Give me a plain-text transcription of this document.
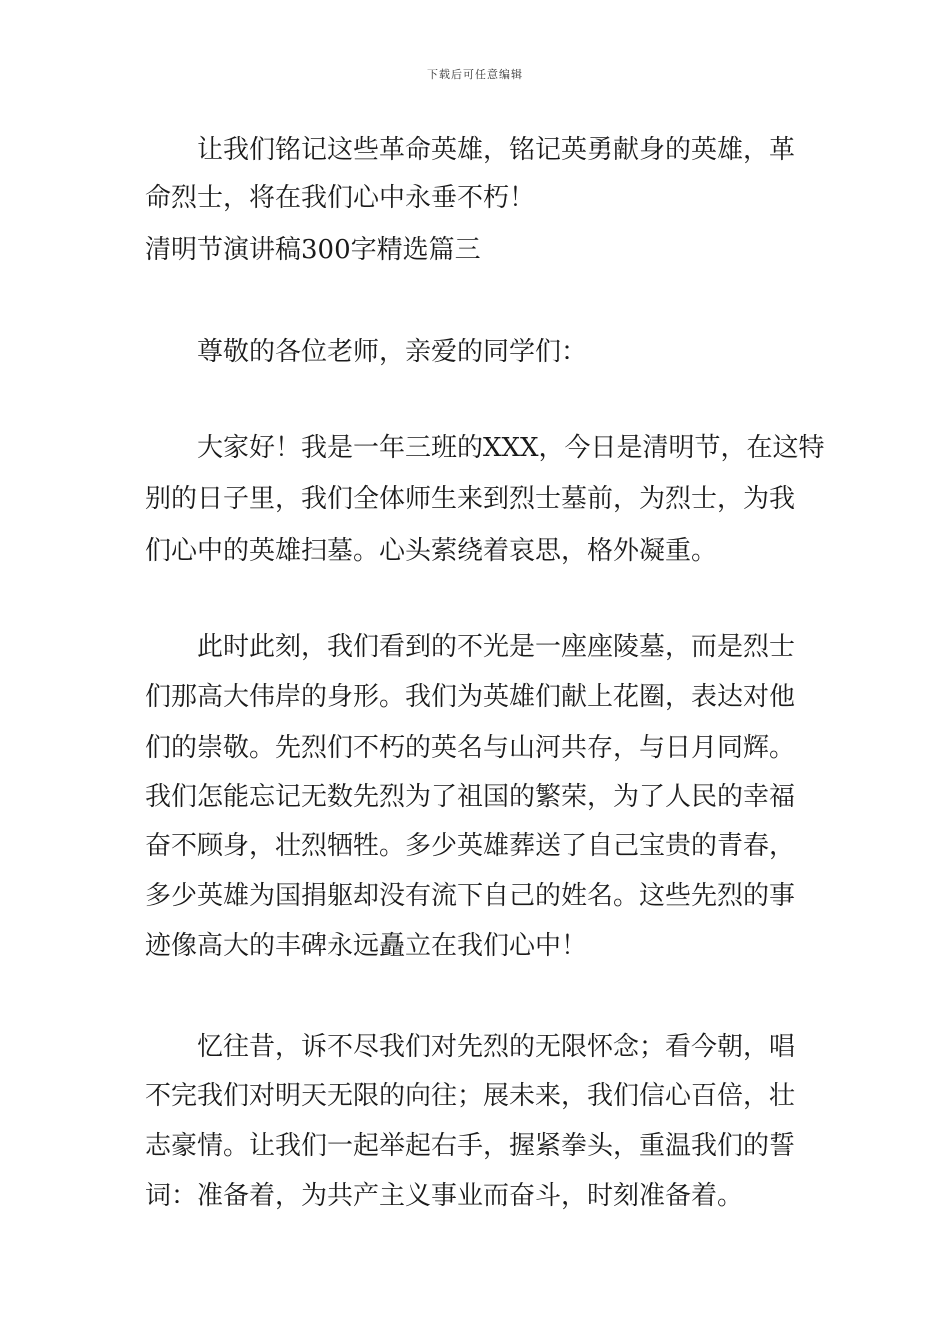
下载后可任意编辑
让我们铭记这些革命英雄，铭记英勇献身的英雄，革
命烈士，将在我们心中永垂不朽！
清明节演讲稿300字精选篇三
尊敬的各位老师，亲爱的同学们：
大家好！我是一年三班的XXX，今日是清明节，在这特
别的日子里，我们全体师生来到烈士墓前，为烈士，为我
们心中的英雄扫墓。心头萦绕着哀思，格外凝重。
此时此刻，我们看到的不光是一座座陵墓，而是烈士
们那高大伟岸的身形。我们为英雄们献上花圈，表达对他
们的崇敬。先烈们不朽的英名与山河共存，与日月同辉。
我们怎能忘记无数先烈为了祖国的繁荣，为了人民的幸福
奋不顾身，壮烈牺牲。多少英雄葬送了自己宝贵的青春，
多少英雄为国捐躯却没有流下自己的姓名。这些先烈的事
迹像高大的丰碑永远矗立在我们心中！
忆往昔，诉不尽我们对先烈的无限怀念；看今朝，唱
不完我们对明天无限的向往；展未来，我们信心百倍，壮
志豪情。让我们一起举起右手，握紧拳头，重温我们的誓
词：准备着，为共产主义事业而奋斗，时刻准备着。
